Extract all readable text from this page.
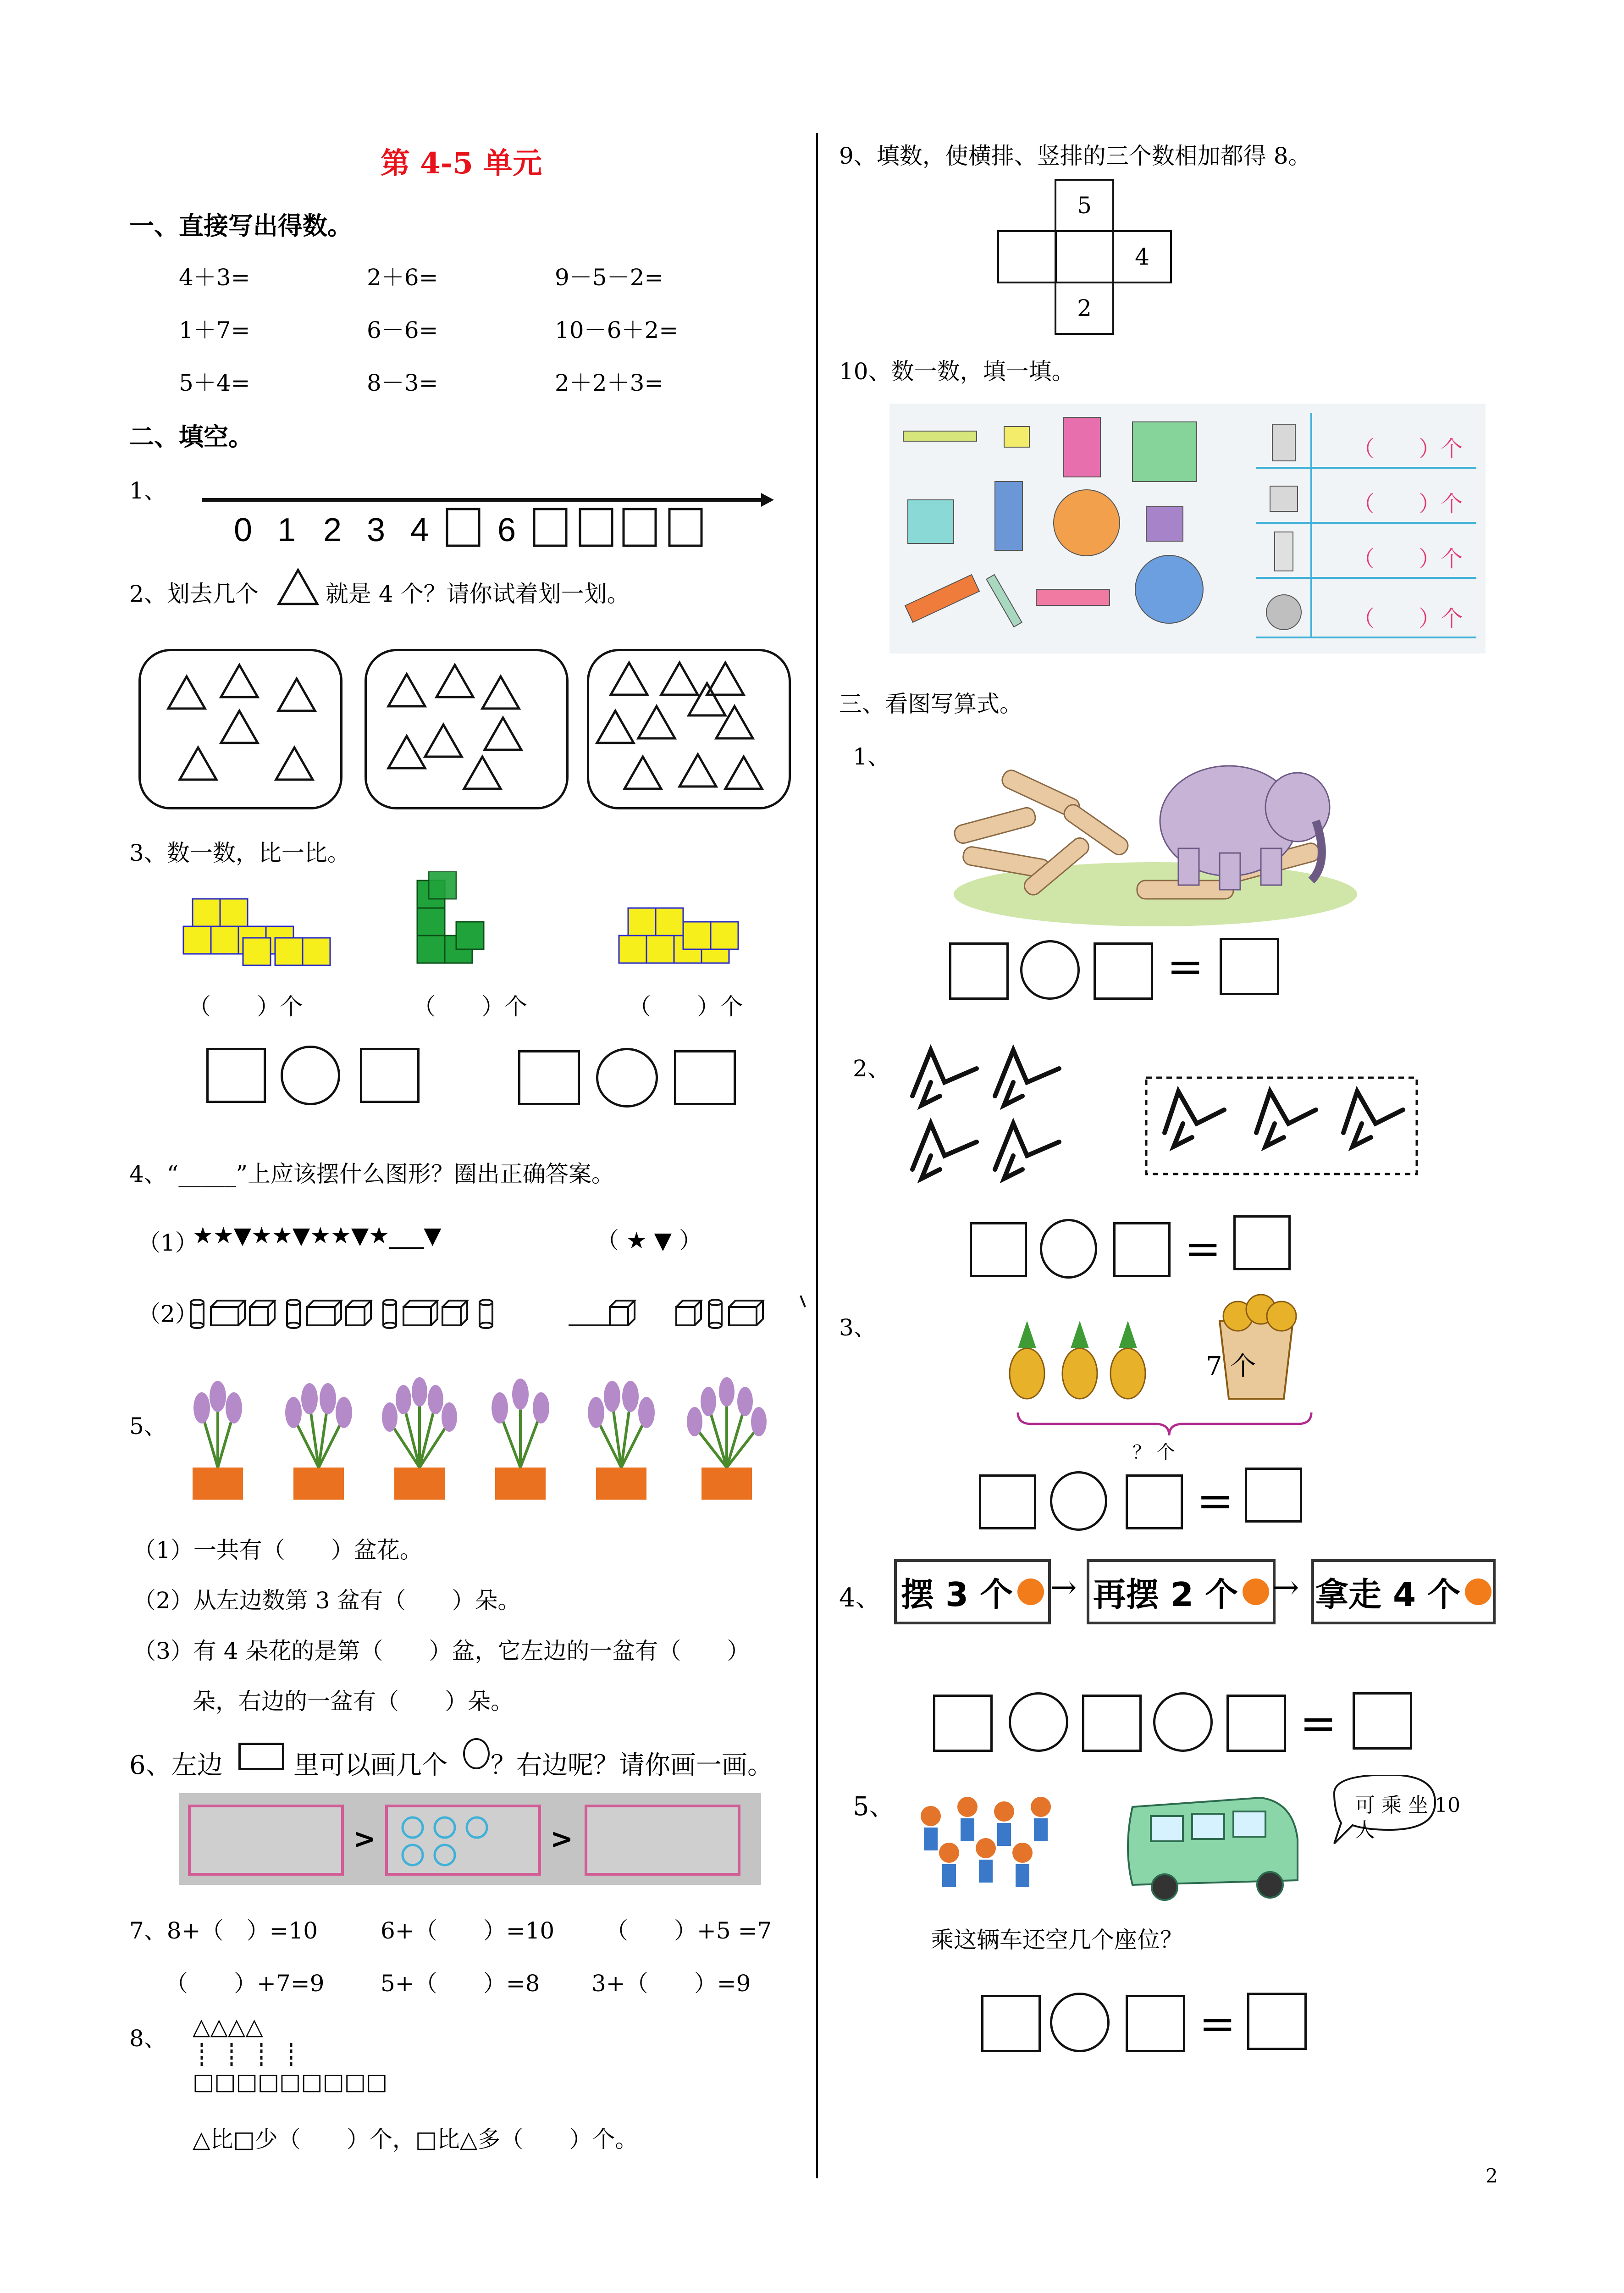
第 4-5 单元
一、直接写出得数。
4＋3=	2＋6=	9－5－2=
1＋7=	6－6=	10－6＋2=
5＋4=	8－3=	2＋2＋3=
二、填空。
1、
0 1 2 3 4 6
2、划去几个	就是 4 个？请你试着划一划。
3、数一数，比一比。
（　　）个	（　　）个	（　　）个
4、“_____”上应该摆什么图形？圈出正确答案。
（1）
★★▼★★▼★★▼★___▼	（ ★ ▼ ）
（2）
5、
（1）一共有（　　）盆花。
（2）从左边数第 3 盆有（　　）朵。
（3）有 4 朵花的是第（　　）盆，它左边的一盆有（　　）
朵，右边的一盆有（　　）朵。
6、左边	里可以画几个 ？右边呢？请你画一画。
>	>
7、8+（　）=10	6+（　　）=10 （　　）+5 =7
（　　）+7=9 5+（　　）=8 3+（　　）=9
8、 △△△△
□□□□□□□□□
△比□少（　　）个，□比△多（　　）个。
9、填数，使横排、竖排的三个数相加都得 8。
5
4
2
10、数一数，填一填。
（　　）个
（　　）个
（　　）个
（　　）个
三、看图写算式。
1、
=
2、
=
3、
7 个
？ 个
=
4、 摆 3 个 → 再摆 2 个 → 拿走 4 个
=
5、	可 乘 坐 10 人
乘这辆车还空几个座位？
=
2
